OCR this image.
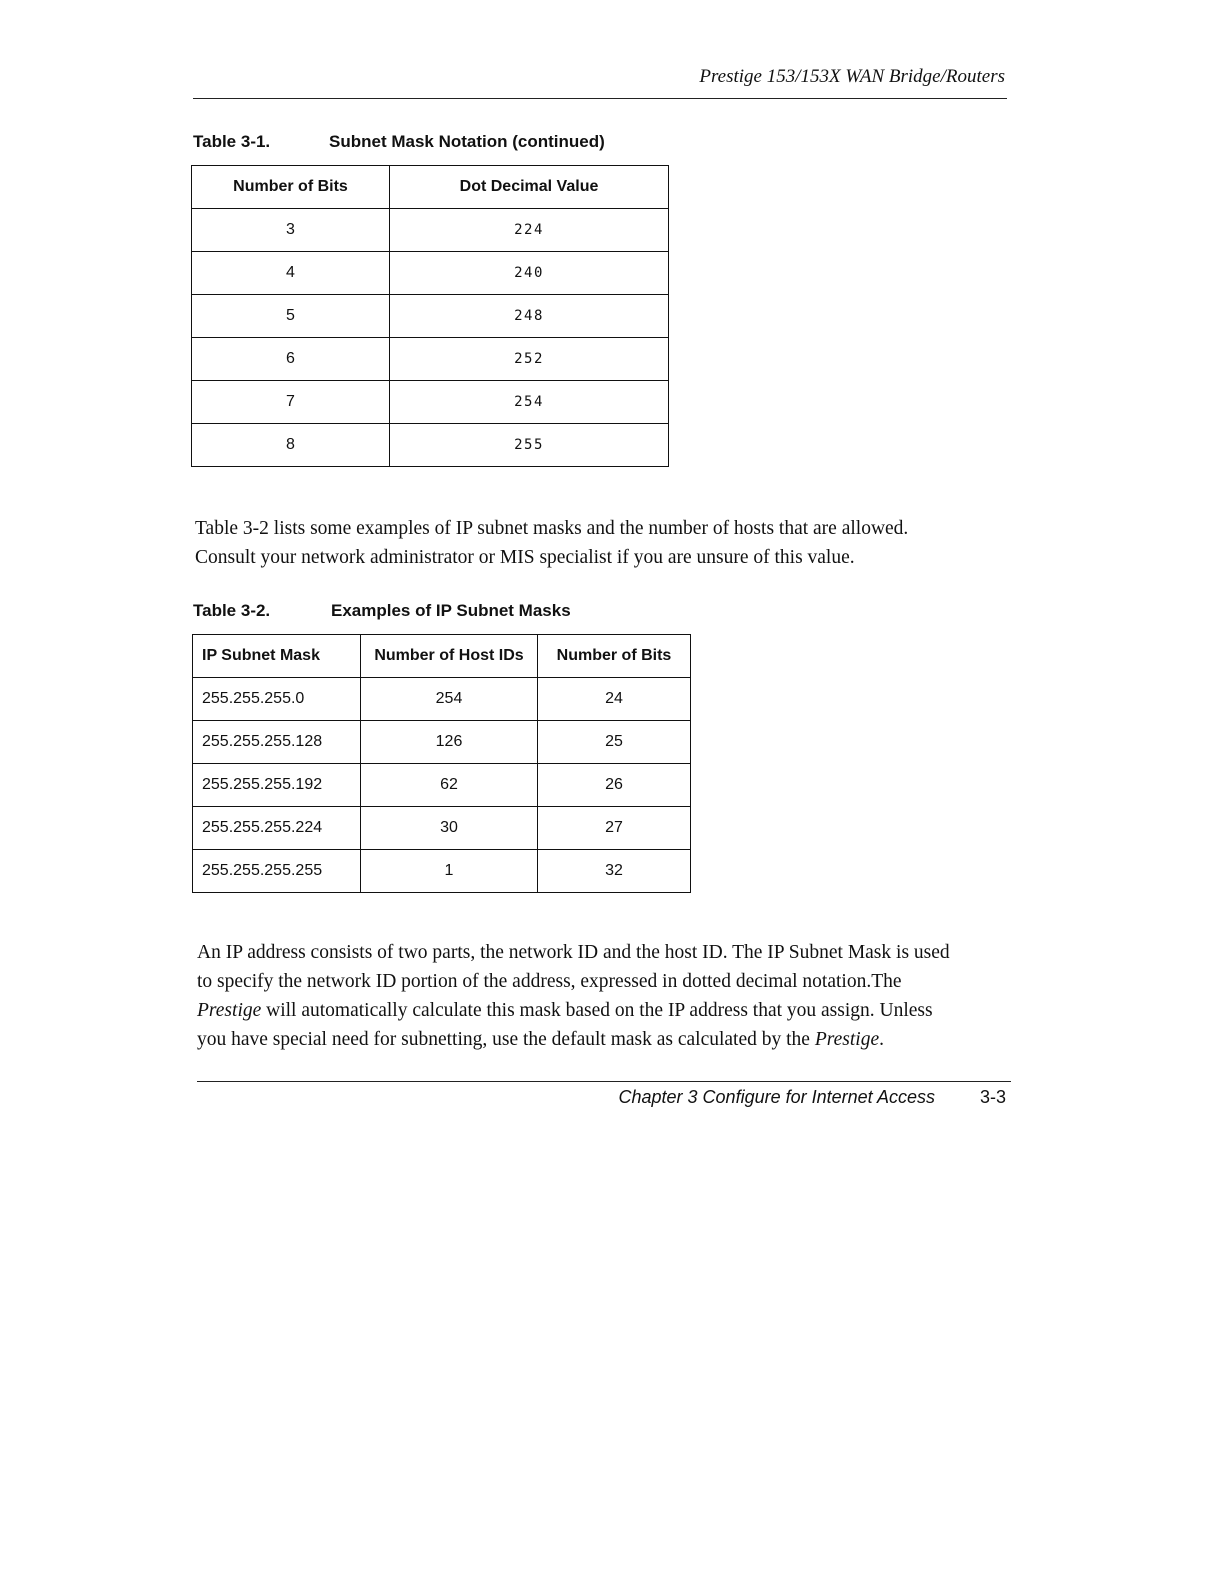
Prestige 153/153X WAN Bridge/Routers
Table 3-1.	Subnet Mask Notation (continued)
Number of Bits	Dot Decimal Value
3	224
4	240
5	248
6	252
7	254
8	255

Table 3-2 lists some examples of IP subnet masks and the number of hosts that are allowed.
Consult your network administrator or MIS specialist if you are unsure of this value.

Table 3-2.	Examples of IP Subnet Masks
IP Subnet Mask	Number of Host IDs	Number of Bits
255.255.255.0	254	24
255.255.255.128	126	25
255.255.255.192	62	26
255.255.255.224	30	27
255.255.255.255	1	32

An IP address consists of two parts, the network ID and the host ID. The IP Subnet Mask is used
to specify the network ID portion of the address, expressed in dotted decimal notation.The
Prestige will automatically calculate this mask based on the IP address that you assign. Unless
you have special need for subnetting, use the default mask as calculated by the Prestige.

Chapter 3 Configure for Internet Access	3-3
